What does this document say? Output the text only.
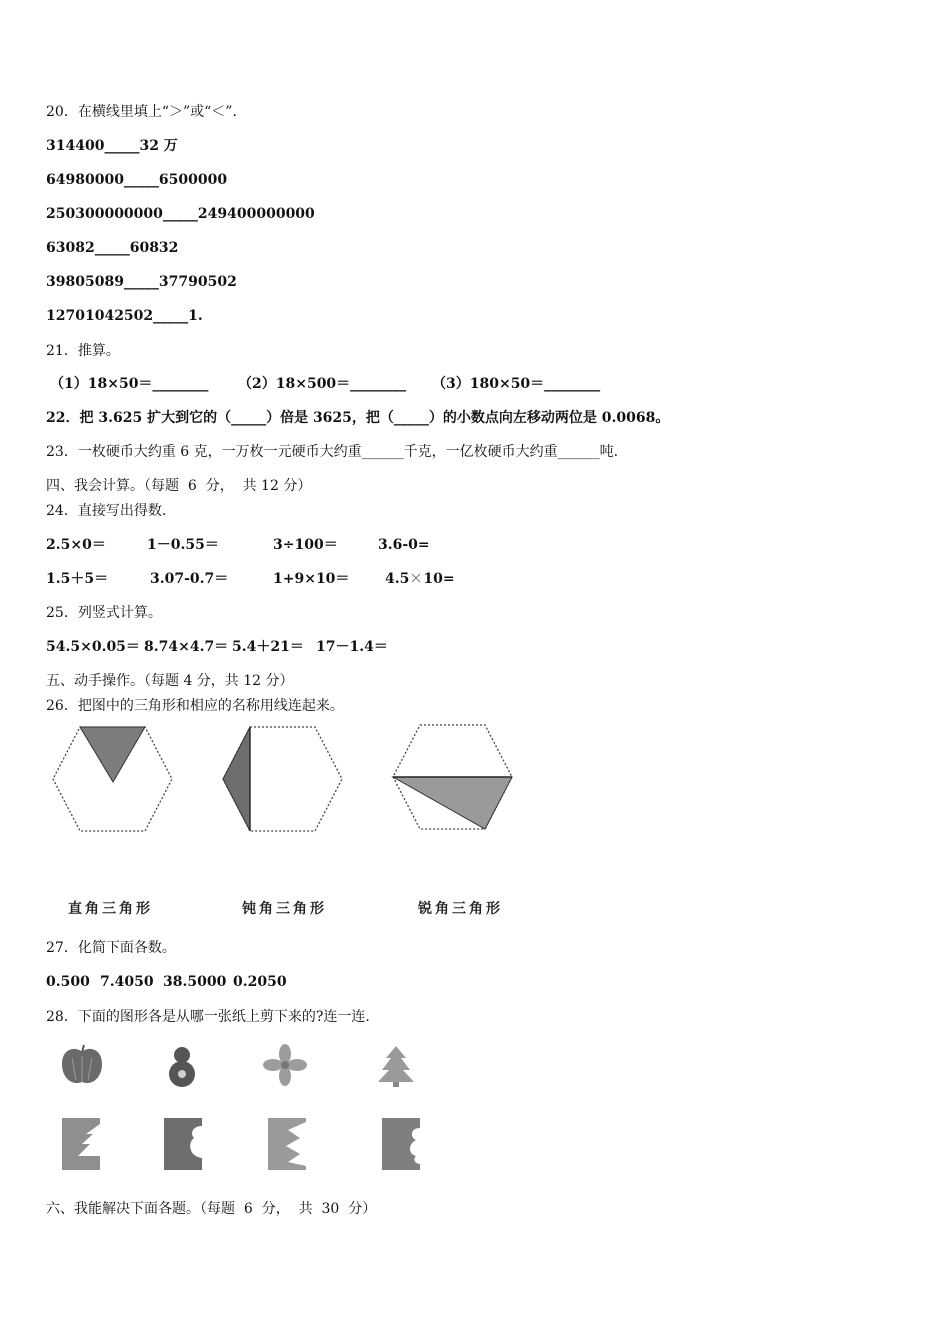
20．在横线里填上“＞”或“＜”．
314400_____32 万
64980000_____6500000
250300000000_____249400000000
63082_____60832
39805089_____37790502
12701042502_____1.
21．推算。
（1）18×50＝________ （2）18×500＝________ （3）180×50＝________
22．把 3.625 扩大到它的（_____）倍是 3625，把（_____）的小数点向左移动两位是 0.0068。
23．一枚硬币大约重 6 克，一万枚一元硬币大约重______千克，一亿枚硬币大约重______吨.
四、我会计算。（每题  6  分，  共 12 分）
24．直接写出得数.
2.5×0＝	1－0.55＝	3÷100＝	3.6-0=
1.5＋5＝	3.07-0.7＝	1+9×10＝	4.5 10=
25．列竖式计算。
54.5×0.05＝ 8.74×4.7＝ 5.4＋21＝ 17－1.4＝
五、动手操作。（每题 4 分，共 12 分）
26．把图中的三角形和相应的名称用线连起来。
直角三角形	钝角三角形	锐角三角形
27．化简下面各数。
0.500 7.4050 38.5000 0.2050
28．下面的图形各是从哪一张纸上剪下来的?连一连.
六、我能解决下面各题。（每题  6  分，  共  30  分）
